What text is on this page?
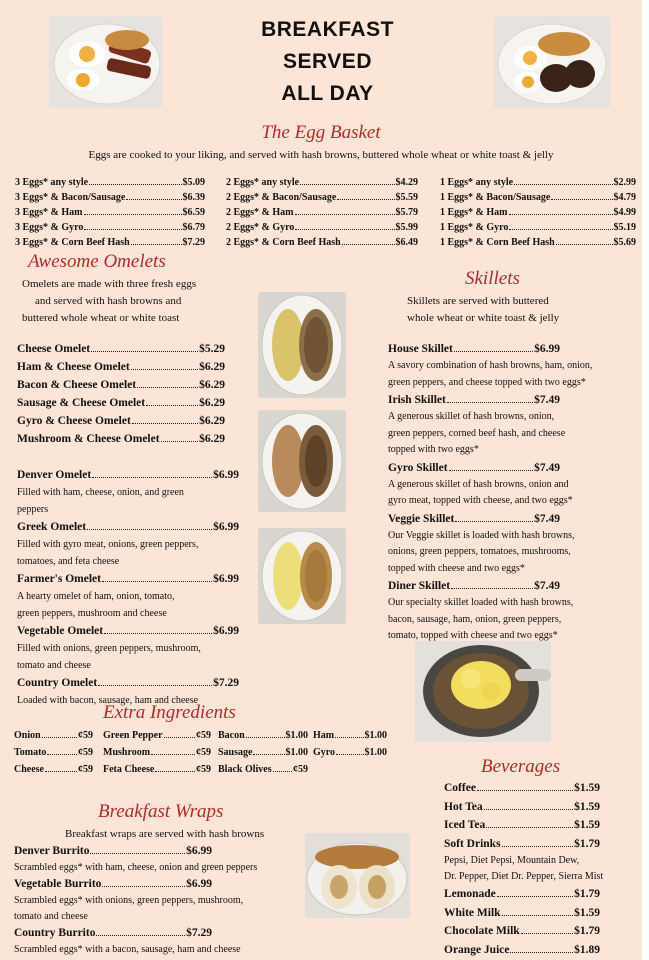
BREAKFAST
SERVED
ALL DAY
The Egg Basket
Eggs are cooked to your liking, and served with hash browns, buttered whole wheat or white toast & jelly
3 Eggs* any style	$5.09
3 Eggs* & Bacon/Sausage	$6.39
3 Eggs* & Ham	$6.59
3 Eggs* & Gyro	$6.79
3 Eggs* & Corn Beef Hash	$7.29
2 Eggs* any style	$4.29
2 Eggs* & Bacon/Sausage	$5.59
2 Eggs* & Ham	$5.79
2 Eggs* & Gyro	$5.99
2 Eggs* & Corn Beef Hash	$6.49
1 Eggs* any style	$2.99
1 Eggs* & Bacon/Sausage	$4.79
1 Eggs* & Ham	$4.99
1 Eggs* & Gyro	$5.19
1 Eggs* & Corn Beef Hash	$5.69
Awesome Omelets
Omelets are made with three fresh eggs
and served with hash browns and
buttered whole wheat or white toast
Cheese Omelet	$5.29
Ham & Cheese Omelet	$6.29
Bacon & Cheese Omelet	$6.29
Sausage & Cheese Omelet	$6.29
Gyro & Cheese Omelet	$6.29
Mushroom & Cheese Omelet	$6.29
Denver Omelet	$6.99
Filled with ham, cheese, onion, and green
peppers
Greek Omelet	$6.99
Filled with gyro meat, onions, green peppers,
tomatoes, and feta cheese
Farmer's Omelet	$6.99
A hearty omelet of ham, onion, tomato,
green peppers, mushroom and cheese
Vegetable Omelet	$6.99
Filled with onions, green peppers, mushroom,
tomato and cheese
Country Omelet	$7.29
Loaded with bacon, sausage, ham and cheese
Skillets
Skillets are served with buttered
whole wheat or white toast & jelly
House Skillet	$6.99
A savory combination of hash browns, ham, onion,
green peppers, and cheese topped with two eggs*
Irish Skillet	$7.49
A generous skillet of hash browns, onion,
green peppers, corned beef hash, and cheese
topped with two eggs*
Gyro Skillet	$7.49
A generous skillet of hash browns, onion and
gyro meat, topped with cheese, and two eggs*
Veggie Skillet	$7.49
Our Veggie skillet is loaded with hash browns,
onions, green peppers, tomatoes, mushrooms,
topped with cheese and two eggs*
Diner Skillet	$7.49
Our specialty skillet loaded with hash browns,
bacon, sausage, ham, onion, green peppers,
tomato, topped with cheese and two eggs*
Extra Ingredients
Onion	¢59
Tomato	¢59
Cheese	¢59
Green Pepper	¢59
Mushroom	¢59
Feta Cheese	¢59
Bacon	$1.00
Sausage	$1.00
Black Olives ¢59
Ham	$1.00
Gyro	$1.00
Breakfast Wraps
Breakfast wraps are served with hash browns
Denver Burrito	$6.99
Scrambled eggs* with ham, cheese, onion and green peppers
Vegetable Burrito	$6.99
Scrambled eggs* with onions, green peppers, mushroom,
tomato and cheese
Country Burrito	$7.29
Scrambled eggs* with a bacon, sausage, ham and cheese
Beverages
Coffee	$1.59
Hot Tea	$1.59
Iced Tea	$1.59
Soft Drinks	$1.79
Pepsi, Diet Pepsi, Mountain Dew,
Dr. Pepper, Diet Dr. Pepper, Sierra Mist
Lemonade	$1.79
White Milk	$1.59
Chocolate Milk	$1.79
Orange Juice	$1.89
